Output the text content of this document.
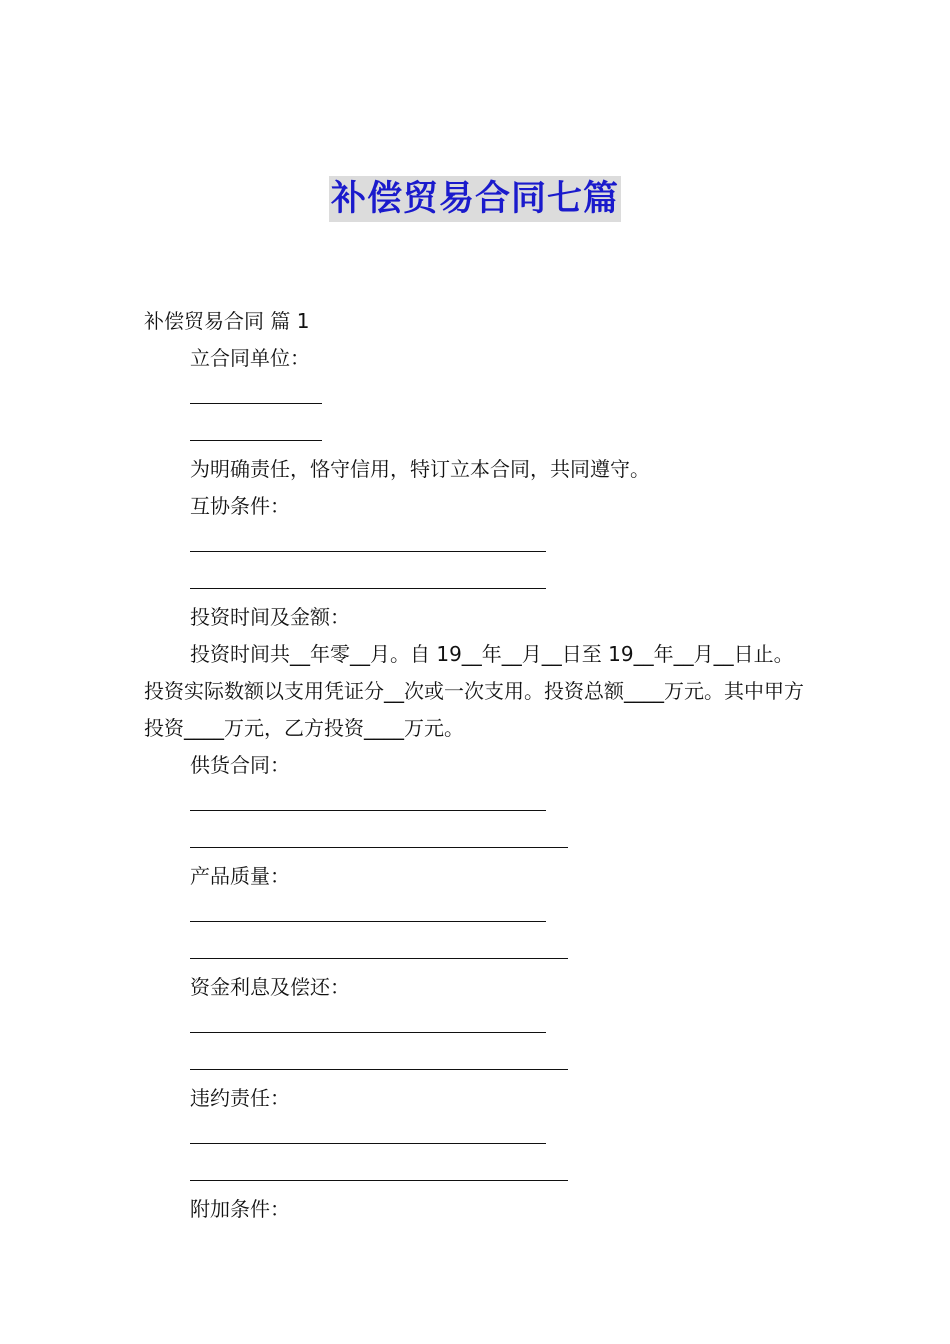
补偿贸易合同七篇
补偿贸易合同 篇 1
立合同单位：
为明确责任，恪守信用，特订立本合同，共同遵守。
互协条件：
投资时间及金额：
投资时间共__年零__月。自 19__年__月__日至 19__年__月__日止。投资实际数额以支用凭证分__次或一次支用。投资总额____万元。其中甲方投资____万元，乙方投资____万元。
供货合同：
产品质量：
资金利息及偿还：
违约责任：
附加条件：
